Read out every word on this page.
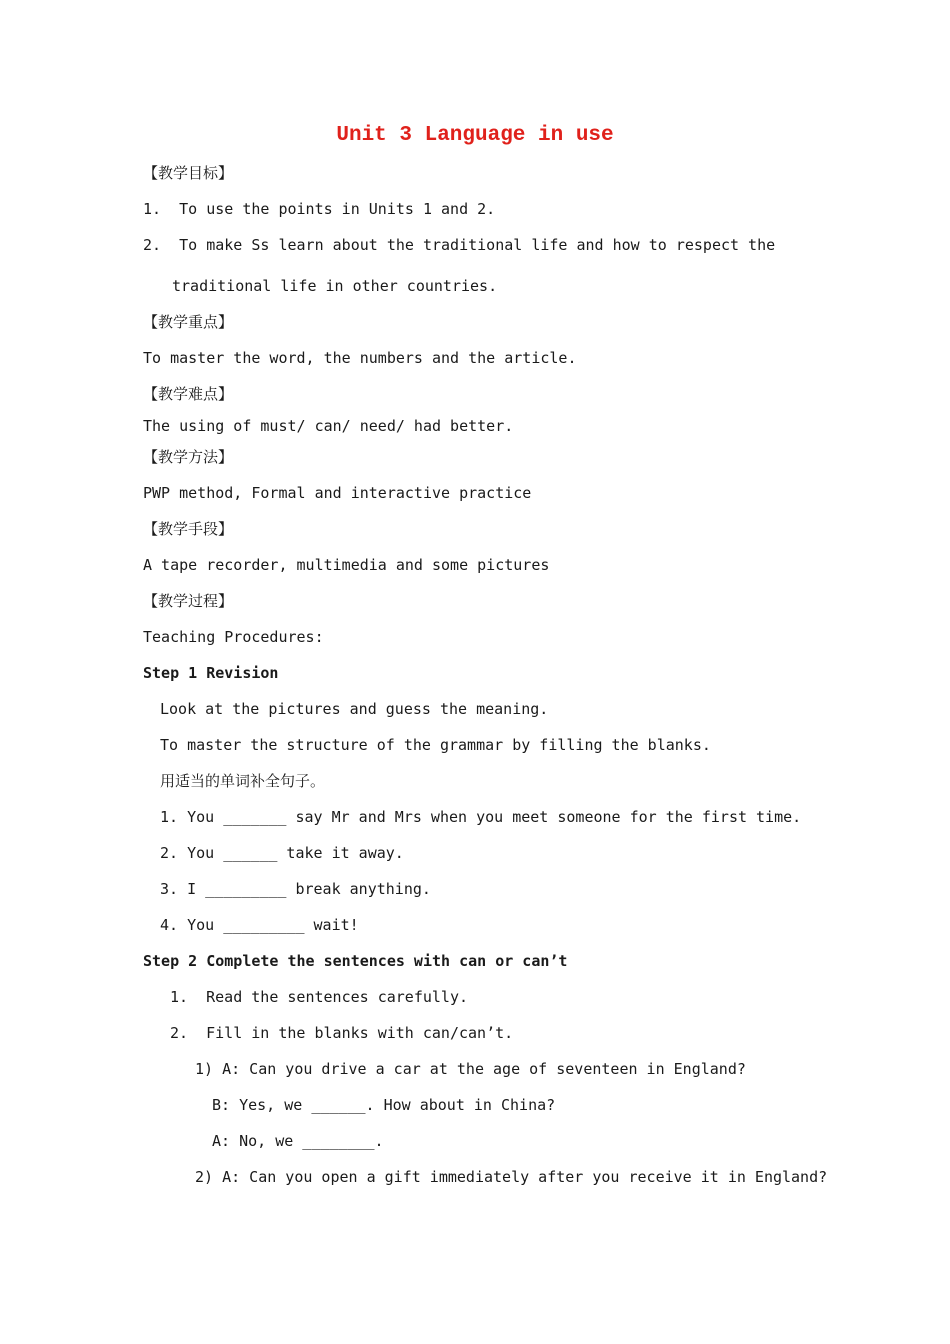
Unit 3 Language in use
【教学目标】
1.  To use the points in Units 1 and 2.
2.  To make Ss learn about the traditional life and how to respect the
traditional life in other countries.
【教学重点】
To master the word, the numbers and the article.
【教学难点】
The using of must/ can/ need/ had better.
【教学方法】
PWP method, Formal and interactive practice
【教学手段】
A tape recorder, multimedia and some pictures
【教学过程】
Teaching Procedures:
Step 1 Revision
Look at the pictures and guess the meaning.
To master the structure of the grammar by filling the blanks.
用适当的单词补全句子。
1. You _______ say Mr and Mrs when you meet someone for the first time.
2. You ______ take it away.
3. I _________ break anything.
4. You _________ wait!
Step 2 Complete the sentences with can or can’t
1.  Read the sentences carefully.
2.  Fill in the blanks with can/can’t.
1) A: Can you drive a car at the age of seventeen in England?
B: Yes, we ______. How about in China?
A: No, we ________.
2) A: Can you open a gift immediately after you receive it in England?
